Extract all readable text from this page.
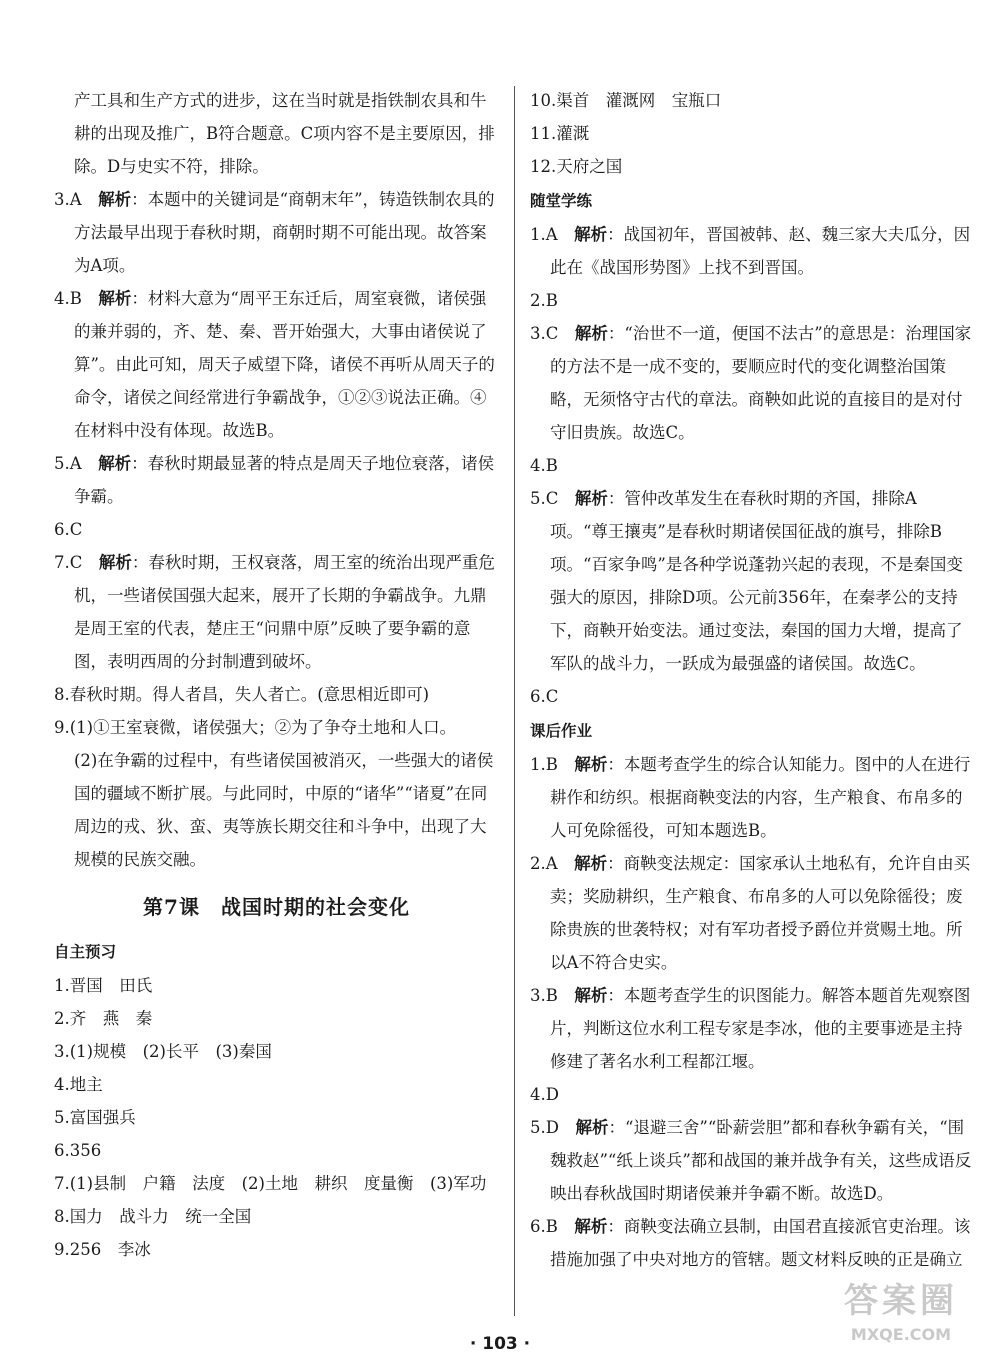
产工具和生产方式的进步，这在当时就是指铁制农具和牛耕的出现及推广，B符合题意。C项内容不是主要原因，排除。D与史实不符，排除。
3.A　 解析：本题中的关键词是“商朝末年”，铸造铁制农具的方法最早出现于春秋时期，商朝时期不可能出现。故答案为A项。
4.B　 解析：材料大意为“周平王东迁后，周室衰微，诸侯强的兼并弱的，齐、楚、秦、晋开始强大，大事由诸侯说了算”。由此可知，周天子威望下降，诸侯不再听从周天子的命令，诸侯之间经常进行争霸战争，①②③说法正确。④在材料中没有体现。故选B。
5.A　 解析：春秋时期最显著的特点是周天子地位衰落，诸侯争霸。
6.C
7.C　 解析：春秋时期，王权衰落，周王室的统治出现严重危机，一些诸侯国强大起来，展开了长期的争霸战争。九鼎是周王室的代表，楚庄王“问鼎中原”反映了要争霸的意图，表明西周的分封制遭到破坏。
8.春秋时期。得人者昌，失人者亡。(意思相近即可)
9.(1)①王室衰微，诸侯强大；②为了争夺土地和人口。
(2)在争霸的过程中，有些诸侯国被消灭，一些强大的诸侯国的疆域不断扩展。与此同时，中原的“诸华”“诸夏”在同周边的戎、狄、蛮、夷等族长期交往和斗争中，出现了大规模的民族交融。
第7课　战国时期的社会变化
自主预习
1.晋国　田氏
2.齐　燕　秦
3.(1)规模　(2)长平　(3)秦国
4.地主
5.富国强兵
6.356
7.(1)县制　户籍　法度　(2)土地　耕织　度量衡　(3)军功
8.国力　战斗力　统一全国
9.256　李冰
10.渠首　灌溉网　宝瓶口
11.灌溉
12.天府之国
随堂学练
1.A　 解析：战国初年，晋国被韩、赵、魏三家大夫瓜分，因此在《战国形势图》上找不到晋国。
2.B
3.C　 解析：“治世不一道，便国不法古”的意思是：治理国家的方法不是一成不变的，要顺应时代的变化调整治国策略，无须恪守古代的章法。商鞅如此说的直接目的是对付守旧贵族。故选C。
4.B
5.C　 解析：管仲改革发生在春秋时期的齐国，排除A项。“尊王攘夷”是春秋时期诸侯国征战的旗号，排除B项。“百家争鸣”是各种学说蓬勃兴起的表现，不是秦国变强大的原因，排除D项。公元前356年，在秦孝公的支持下，商鞅开始变法。通过变法，秦国的国力大增，提高了军队的战斗力，一跃成为最强盛的诸侯国。故选C。
6.C
课后作业
1.B　 解析：本题考查学生的综合认知能力。图中的人在进行耕作和纺织。根据商鞅变法的内容，生产粮食、布帛多的人可免除徭役，可知本题选B。
2.A　 解析：商鞅变法规定：国家承认土地私有，允许自由买卖；奖励耕织，生产粮食、布帛多的人可以免除徭役；废除贵族的世袭特权；对有军功者授予爵位并赏赐土地。所以A不符合史实。
3.B　 解析：本题考查学生的识图能力。解答本题首先观察图片，判断这位水利工程专家是李冰，他的主要事迹是主持修建了著名水利工程都江堰。
4.D
5.D　 解析：“退避三舍”“卧薪尝胆”都和春秋争霸有关，“围魏救赵”“纸上谈兵”都和战国的兼并战争有关，这些成语反映出春秋战国时期诸侯兼并争霸不断。故选D。
6.B　 解析：商鞅变法确立县制，由国君直接派官吏治理。该措施加强了中央对地方的管辖。题文材料反映的正是确立
· 103 ·
答案圈
MXQE.COM
